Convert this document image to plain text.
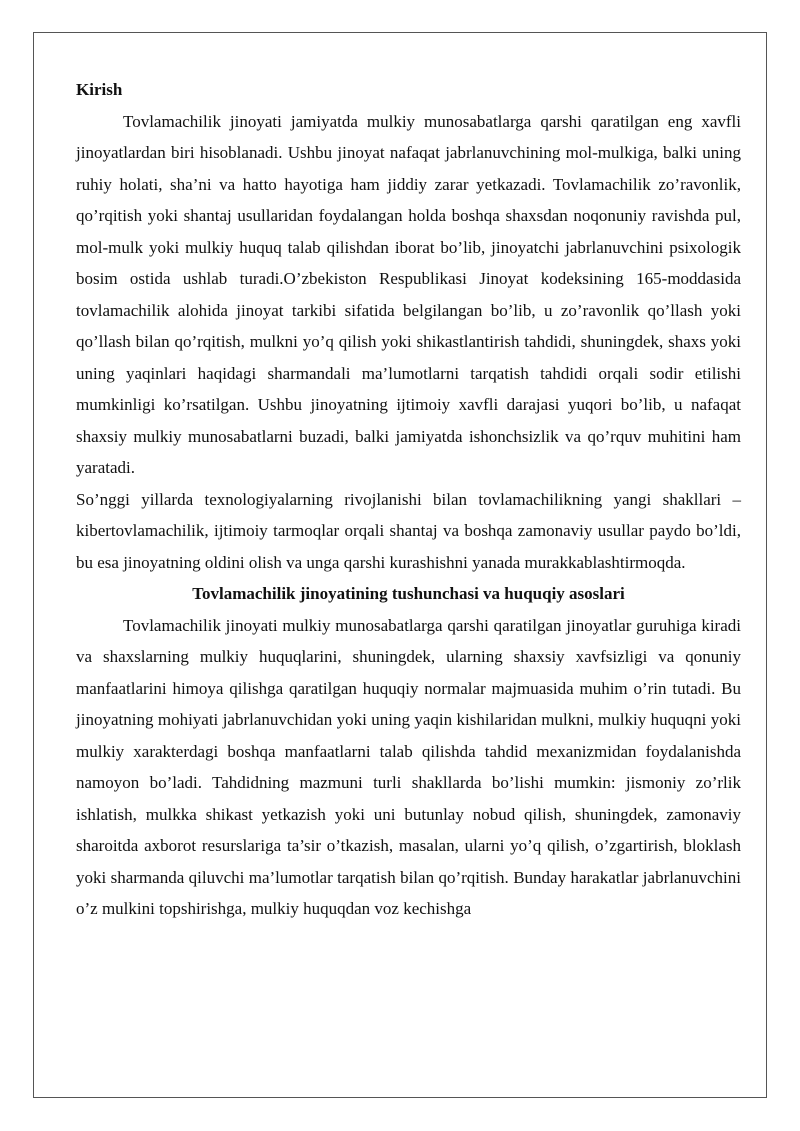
Kirish

Tovlamachilik jinoyati jamiyatda mulkiy munosabatlarga qarshi qaratilgan eng xavfli jinoyatlardan biri hisoblanadi. Ushbu jinoyat nafaqat jabrlanuvchining mol-mulkiga, balki uning ruhiy holati, sha’ni va hatto hayotiga ham jiddiy zarar yetkazadi. Tovlamachilik zo’ravonlik, qo’rqitish yoki shantaj usullaridan foydalangan holda boshqa shaxsdan noqonuniy ravishda pul, mol-mulk yoki mulkiy huquq talab qilishdan iborat bo’lib, jinoyatchi jabrlanuvchini psixologik bosim ostida ushlab turadi.O’zbekiston Respublikasi Jinoyat kodeksining 165-moddasida tovlamachilik alohida jinoyat tarkibi sifatida belgilangan bo’lib, u zo’ravonlik qo’llash yoki qo’llash bilan qo’rqitish, mulkni yo’q qilish yoki shikastlantirish tahdidi, shuningdek, shaxs yoki uning yaqinlari haqidagi sharmandali ma’lumotlarni tarqatish tahdidi orqali sodir etilishi mumkinligi ko’rsatilgan. Ushbu jinoyatning ijtimoiy xavfli darajasi yuqori bo’lib, u nafaqat shaxsiy mulkiy munosabatlarni buzadi, balki jamiyatda ishonchsizlik va qo’rquv muhitini ham yaratadi.

So’nggi yillarda texnologiyalarning rivojlanishi bilan tovlamachilikning yangi shakllari – kibertovlamachilik, ijtimoiy tarmoqlar orqali shantaj va boshqa zamonaviy usullar paydo bo’ldi, bu esa jinoyatning oldini olish va unga qarshi kurashishni yanada murakkablashtirmoqda.

Tovlamachilik jinoyatining tushunchasi va huquqiy asoslari

Tovlamachilik jinoyati mulkiy munosabatlarga qarshi qaratilgan jinoyatlar guruhiga kiradi va shaxslarning mulkiy huquqlarini, shuningdek, ularning shaxsiy xavfsizligi va qonuniy manfaatlarini himoya qilishga qaratilgan huquqiy normalar majmuasida muhim o’rin tutadi. Bu jinoyatning mohiyati jabrlanuvchidan yoki uning yaqin kishilaridan mulkni, mulkiy huquqni yoki mulkiy xarakterdagi boshqa manfaatlarni talab qilishda tahdid mexanizmidan foydalanishda namoyon bo’ladi. Tahdidning mazmuni turli shakllarda bo’lishi mumkin: jismoniy zo’rlik ishlatish, mulkka shikast yetkazish yoki uni butunlay nobud qilish, shuningdek, zamonaviy sharoitda axborot resurslariga ta’sir o’tkazish, masalan, ularni yo’q qilish, o’zgartirish, bloklash yoki sharmanda qiluvchi ma’lumotlar tarqatish bilan qo’rqitish. Bunday harakatlar jabrlanuvchini o’z mulkini topshirishga, mulkiy huquqdan voz kechishga
